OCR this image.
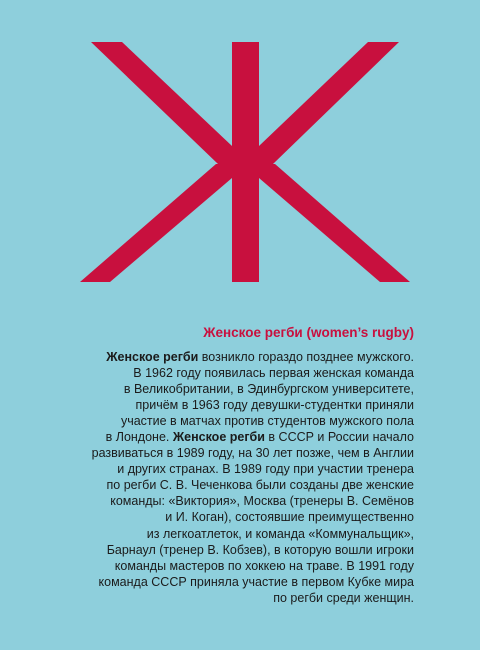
Женское регби (women’s rugby)

Женское регби возникло гораздо позднее мужского.
В 1962 году появилась первая женская команда
в Великобритании, в Эдинбургском университете,
причём в 1963 году девушки-студентки приняли
участие в матчах против студентов мужского пола
в Лондоне. Женское регби в СССР и России начало
развиваться в 1989 году, на 30 лет позже, чем в Англии
и других странах. В 1989 году при участии тренера
по регби С. В. Чеченкова были созданы две женские
команды: «Виктория», Москва (тренеры В. Семёнов
и И. Коган), состоявшие преимущественно
из легкоатлеток, и команда «Коммунальщик»,
Барнаул (тренер В. Кобзев), в которую вошли игроки
команды мастеров по хоккею на траве. В 1991 году
команда СССР приняла участие в первом Кубке мира
по регби среди женщин.
